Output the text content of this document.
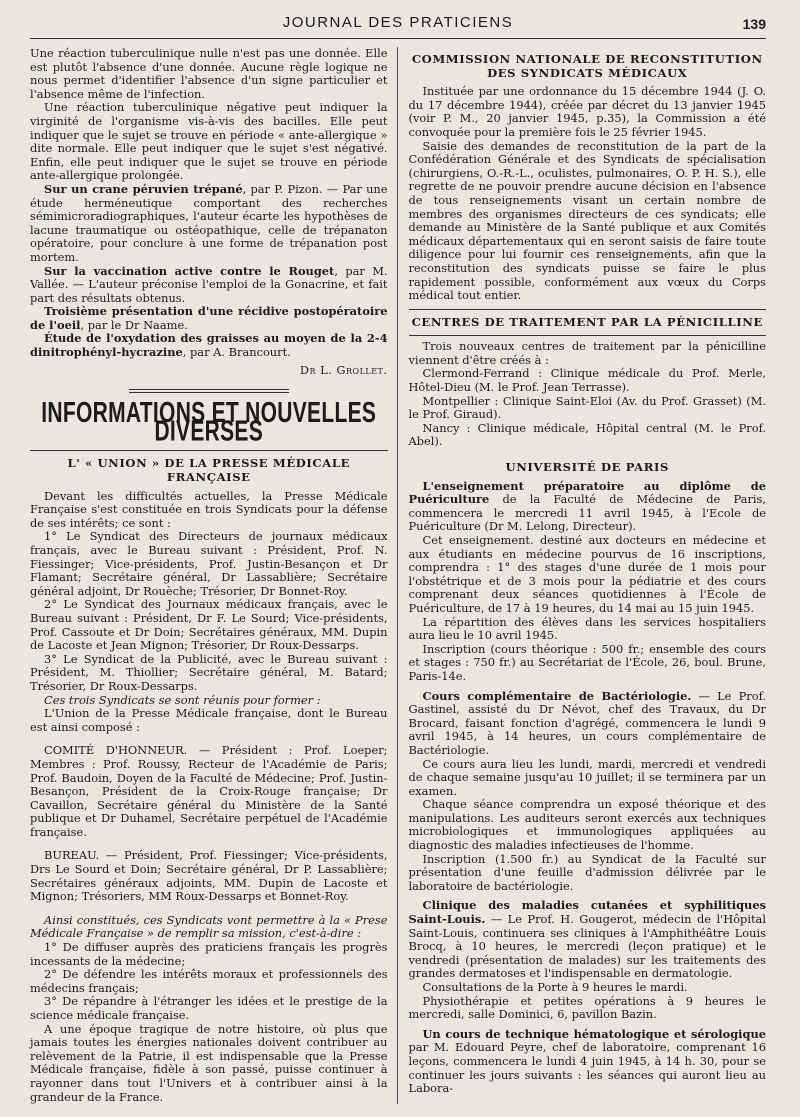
JOURNAL DES PRATICIENS	139

Une réaction tuberculinique nulle n'est pas une donnée. Elle est plutôt l'absence d'une donnée. Aucune règle logique ne nous permet d'identifier l'absence d'un signe particulier et l'absence même de l'infection.

Une réaction tuberculinique négative peut indiquer la virginité de l'organisme vis-à-vis des bacilles. Elle peut indiquer que le sujet se trouve en période « ante-allergique » dite normale. Elle peut indiquer que le sujet s'est négativé. Enfin, elle peut indiquer que le sujet se trouve en période ante-allergique prolongée.

Sur un crane péruvien trépané, par P. Pizon. — Par une étude herméneutique comportant des recherches sémimicroradiographiques, l'auteur écarte les hypothèses de lacune traumatique ou ostéopathique, celle de trépanaton opératoire, pour conclure à une forme de trépanation post mortem.

Sur la vaccination active contre le Rouget, par M. Vallée. — L'auteur préconise l'emploi de la Gonacrine, et fait part des résultats obtenus.

Troisième présentation d'une récidive postopératoire de l'oeil, par le Dr Naame.

Étude de l'oxydation des graisses au moyen de la 2-4 dinitrophényl-hycrazine, par A. Brancourt.

Dr L. Grollet.
INFORMATIONS ET NOUVELLES DIVERSES
L' « UNION » DE LA PRESSE MÉDICALE FRANÇAISE

Devant les difficultés actuelles, la Presse Médicale Française s'est constituée en trois Syndicats pour la défense de ses intérêts; ce sont :

1° Le Syndicat des Directeurs de journaux médicaux français, avec le Bureau suivant : Président, Prof. N. Fiessinger; Vice-présidents, Prof. Justin-Besançon et Dr Flamant; Secrétaire général, Dr Lassablière; Secrétaire général adjoint, Dr Rouèche; Trésorier, Dr Bonnet-Roy.

2° Le Syndicat des Journaux médicaux français, avec le Bureau suivant : Président, Dr F. Le Sourd; Vice-présidents, Prof. Cassoute et Dr Doin; Secrétaires généraux, MM. Dupin de Lacoste et Jean Mignon; Trésorier, Dr Roux-Dessarps.

3° Le Syndicat de la Publicité, avec le Bureau suivant : Président, M. Thiollier; Secrétaire général, M. Batard; Trésorier, Dr Roux-Dessarps.

Ces trois Syndicats se sont réunis pour former :

L'Union de la Presse Médicale française, dont le Bureau est ainsi composé :

COMITÉ D'HONNEUR. — Président : Prof. Loeper; Membres : Prof. Roussy, Recteur de l'Académie de Paris; Prof. Baudoin, Doyen de la Faculté de Médecine; Prof. Justin-Besançon, Président de la Croix-Rouge française; Dr Cavaillon, Secrétaire général du Ministère de la Santé publique et Dr Duhamel, Secrétaire perpétuel de l'Académie française.

BUREAU. — Président, Prof. Fiessinger; Vice-présidents, Drs Le Sourd et Doin; Secrétaire général, Dr P. Lassablière; Secrétaires généraux adjoints, MM. Dupin de Lacoste et Mignon; Trésoriers, MM Roux-Dessarps et Bonnet-Roy.

Ainsi constitués, ces Syndicats vont permettre à la « Prese Médicale Française » de remplir sa mission, c'est-à-dire :

1° De diffuser auprès des praticiens français les progrès incessants de la médecine;

2° De défendre les intérêts moraux et professionnels des médecins français;

3° De répandre à l'étranger les idées et le prestige de la science médicale française.

A une époque tragique de notre histoire, où plus que jamais toutes les énergies nationales doivent contribuer au relèvement de la Patrie, il est indispensable que la Presse Médicale française, fidèle à son passé, puisse continuer à rayonner dans tout l'Univers et à contribuer ainsi à la grandeur de la France.

COMMISSION NATIONALE DE RECONSTITUTION DES SYNDICATS MÉDICAUX

Instituée par une ordonnance du 15 décembre 1944 (J. O. du 17 décembre 1944), créée par décret du 13 janvier 1945 (voir P. M., 20 janvier 1945, p.35), la Commission a été convoquée pour la première fois le 25 février 1945.

Saisie des demandes de reconstitution de la part de la Confédération Générale et des Syndicats de spécialisation (chirurgiens, O.-R.-L., oculistes, pulmonaires, O. P. H. S.), elle regrette de ne pouvoir prendre aucune décision en l'absence de tous renseignements visant un certain nombre de membres des organismes directeurs de ces syndicats; elle demande au Ministère de la Santé publique et aux Comités médicaux départementaux qui en seront saisis de faire toute diligence pour lui fournir ces renseignements, afin que la reconstitution des syndicats puisse se faire le plus rapidement possible, conformément aux vœux du Corps médical tout entier.

CENTRES DE TRAITEMENT PAR LA PÉNICILLINE

Trois nouveaux centres de traitement par la pénicilline viennent d'être créés à :

Clermond-Ferrand : Clinique médicale du Prof. Merle, Hôtel-Dieu (M. le Prof. Jean Terrasse).

Montpellier : Clinique Saint-Eloi (Av. du Prof. Grasset) (M. le Prof. Giraud).

Nancy : Clinique médicale, Hôpital central (M. le Prof. Abel).

UNIVERSITÉ DE PARIS

L'enseignement préparatoire au diplôme de Puériculture de la Faculté de Médecine de Paris, commencera le mercredi 11 avril 1945, à l'Ecole de Puériculture (Dr M. Lelong, Directeur).

Cet enseignement. destiné aux docteurs en médecine et aux étudiants en médecine pourvus de 16 inscriptions, comprendra : 1° des stages d'une durée de 1 mois pour l'obstétrique et de 3 mois pour la pédiatrie et des cours comprenant deux séances quotidiennes à l'École de Puériculture, de 17 à 19 heures, du 14 mai au 15 juin 1945.

La répartition des élèves dans les services hospitaliers aura lieu le 10 avril 1945.

Inscription (cours théorique : 500 fr.; ensemble des cours et stages : 750 fr.) au Secrétariat de l'École, 26, boul. Brune, Paris-14e.

Cours complémentaire de Bactériologie. — Le Prof. Gastinel, assisté du Dr Névot, chef des Travaux, du Dr Brocard, faisant fonction d'agrégé, commencera le lundi 9 avril 1945, à 14 heures, un cours complémentaire de Bactériologie.

Ce cours aura lieu les lundi, mardi, mercredi et vendredi de chaque semaine jusqu'au 10 juillet; il se terminera par un examen.

Chaque séance comprendra un exposé théorique et des manipulations. Les auditeurs seront exercés aux techniques microbiologiques et immunologiques appliquées au diagnostic des maladies infectieuses de l'homme.

Inscription (1.500 fr.) au Syndicat de la Faculté sur présentation d'une feuille d'admission délivrée par le laboratoire de bactériologie.

Clinique des maladies cutanées et syphilitiques Saint-Louis. — Le Prof. H. Gougerot, médecin de l'Hôpital Saint-Louis, continuera ses cliniques à l'Amphithéâtre Louis Brocq, à 10 heures, le mercredi (leçon pratique) et le vendredi (présentation de malades) sur les traitements des grandes dermatoses et l'indispensable en dermatologie.

Consultations de la Porte à 9 heures le mardi.

Physiothérapie et petites opérations à 9 heures le mercredi, salle Dominici, 6, pavillon Bazin.

Un cours de technique hématologique et sérologique par M. Edouard Peyre, chef de laboratoire, comprenant 16 leçons, commencera le lundi 4 juin 1945, à 14 h. 30, pour se continuer les jours suivants : les séances qui auront lieu au Labora-
